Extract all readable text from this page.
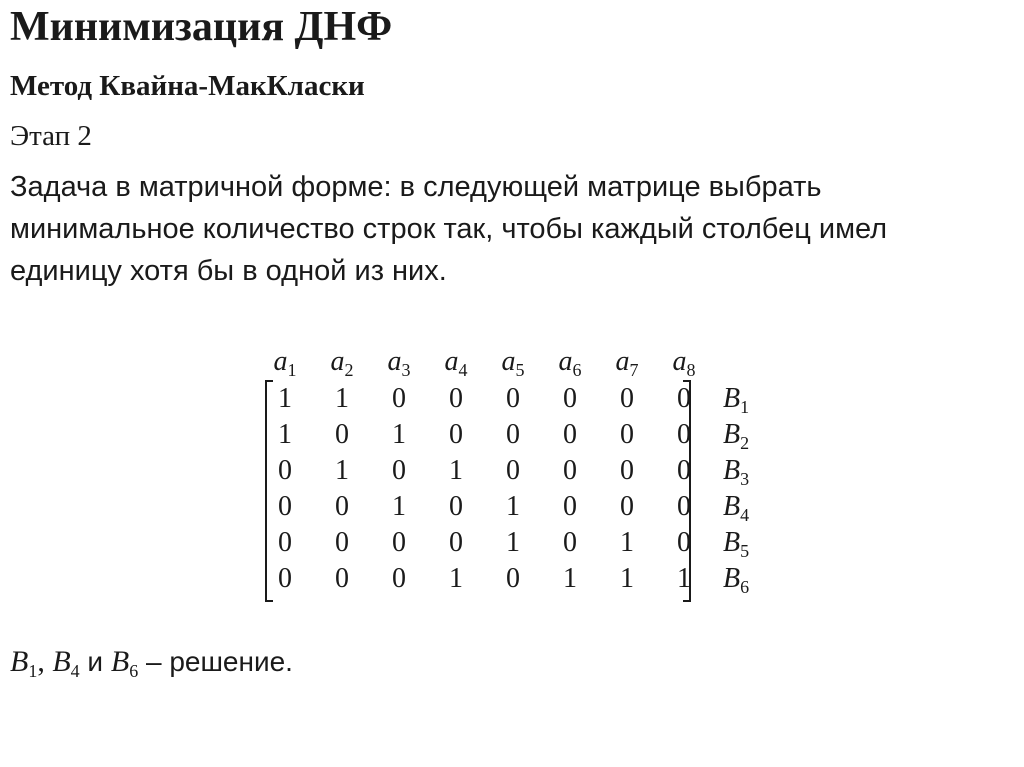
Минимизация ДНФ
Метод Квайна-МакКласки
Этап 2
Задача в матричной форме: в следующей матрице выбрать
минимальное количество строк так, чтобы каждый столбец имел
единицу хотя бы в одной из них.
$a_1$	$a_2$	$a_3$	$a_4$	$a_5$	$a_6$	$a_7$	$a_8$
1 1 0 0 0 0 0 0 $B_1$
1 0 1 0 0 0 0 0 $B_2$
0 1 0 1 0 0 0 0 $B_3$
0 0 1 0 1 0 0 0 $B_4$
0 0 0 0 1 0 1 0 $B_5$
0 0 0 1 0 1 1 1 $B_6$
$B_1$, $B_4$ и $B_6$ – решение.
